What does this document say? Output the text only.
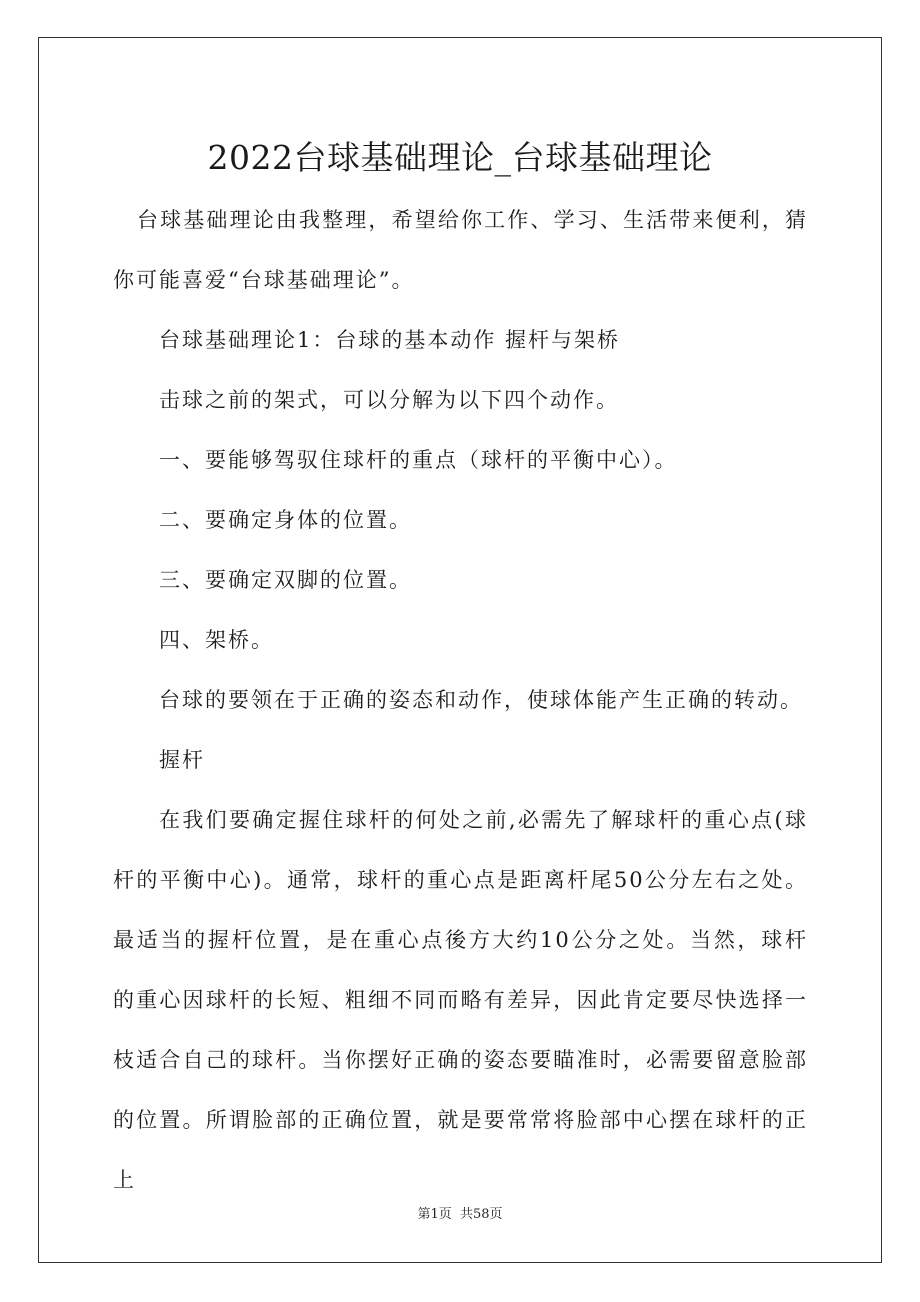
2022台球基础理论_台球基础理论

台球基础理论由我整理，希望给你工作、学习、生活带来便利，猜你可能喜爱“台球基础理论”。

台球基础理论1：台球的基本动作 握杆与架桥

击球之前的架式，可以分解为以下四个动作。

一、要能够驾驭住球杆的重点（球杆的平衡中心）。

二、要确定身体的位置。

三、要确定双脚的位置。

四、架桥。

台球的要领在于正确的姿态和动作，使球体能产生正确的转动。

握杆

在我们要确定握住球杆的何处之前,必需先了解球杆的重心点(球杆的平衡中心)。通常，球杆的重心点是距离杆尾50公分左右之处。最适当的握杆位置，是在重心点後方大约10公分之处。当然，球杆的重心因球杆的长短、粗细不同而略有差异，因此肯定要尽快选择一枝适合自己的球杆。当你摆好正确的姿态要瞄准时，必需要留意脸部的位置。所谓脸部的正确位置，就是要常常将脸部中心摆在球杆的正上

第1页 共58页
